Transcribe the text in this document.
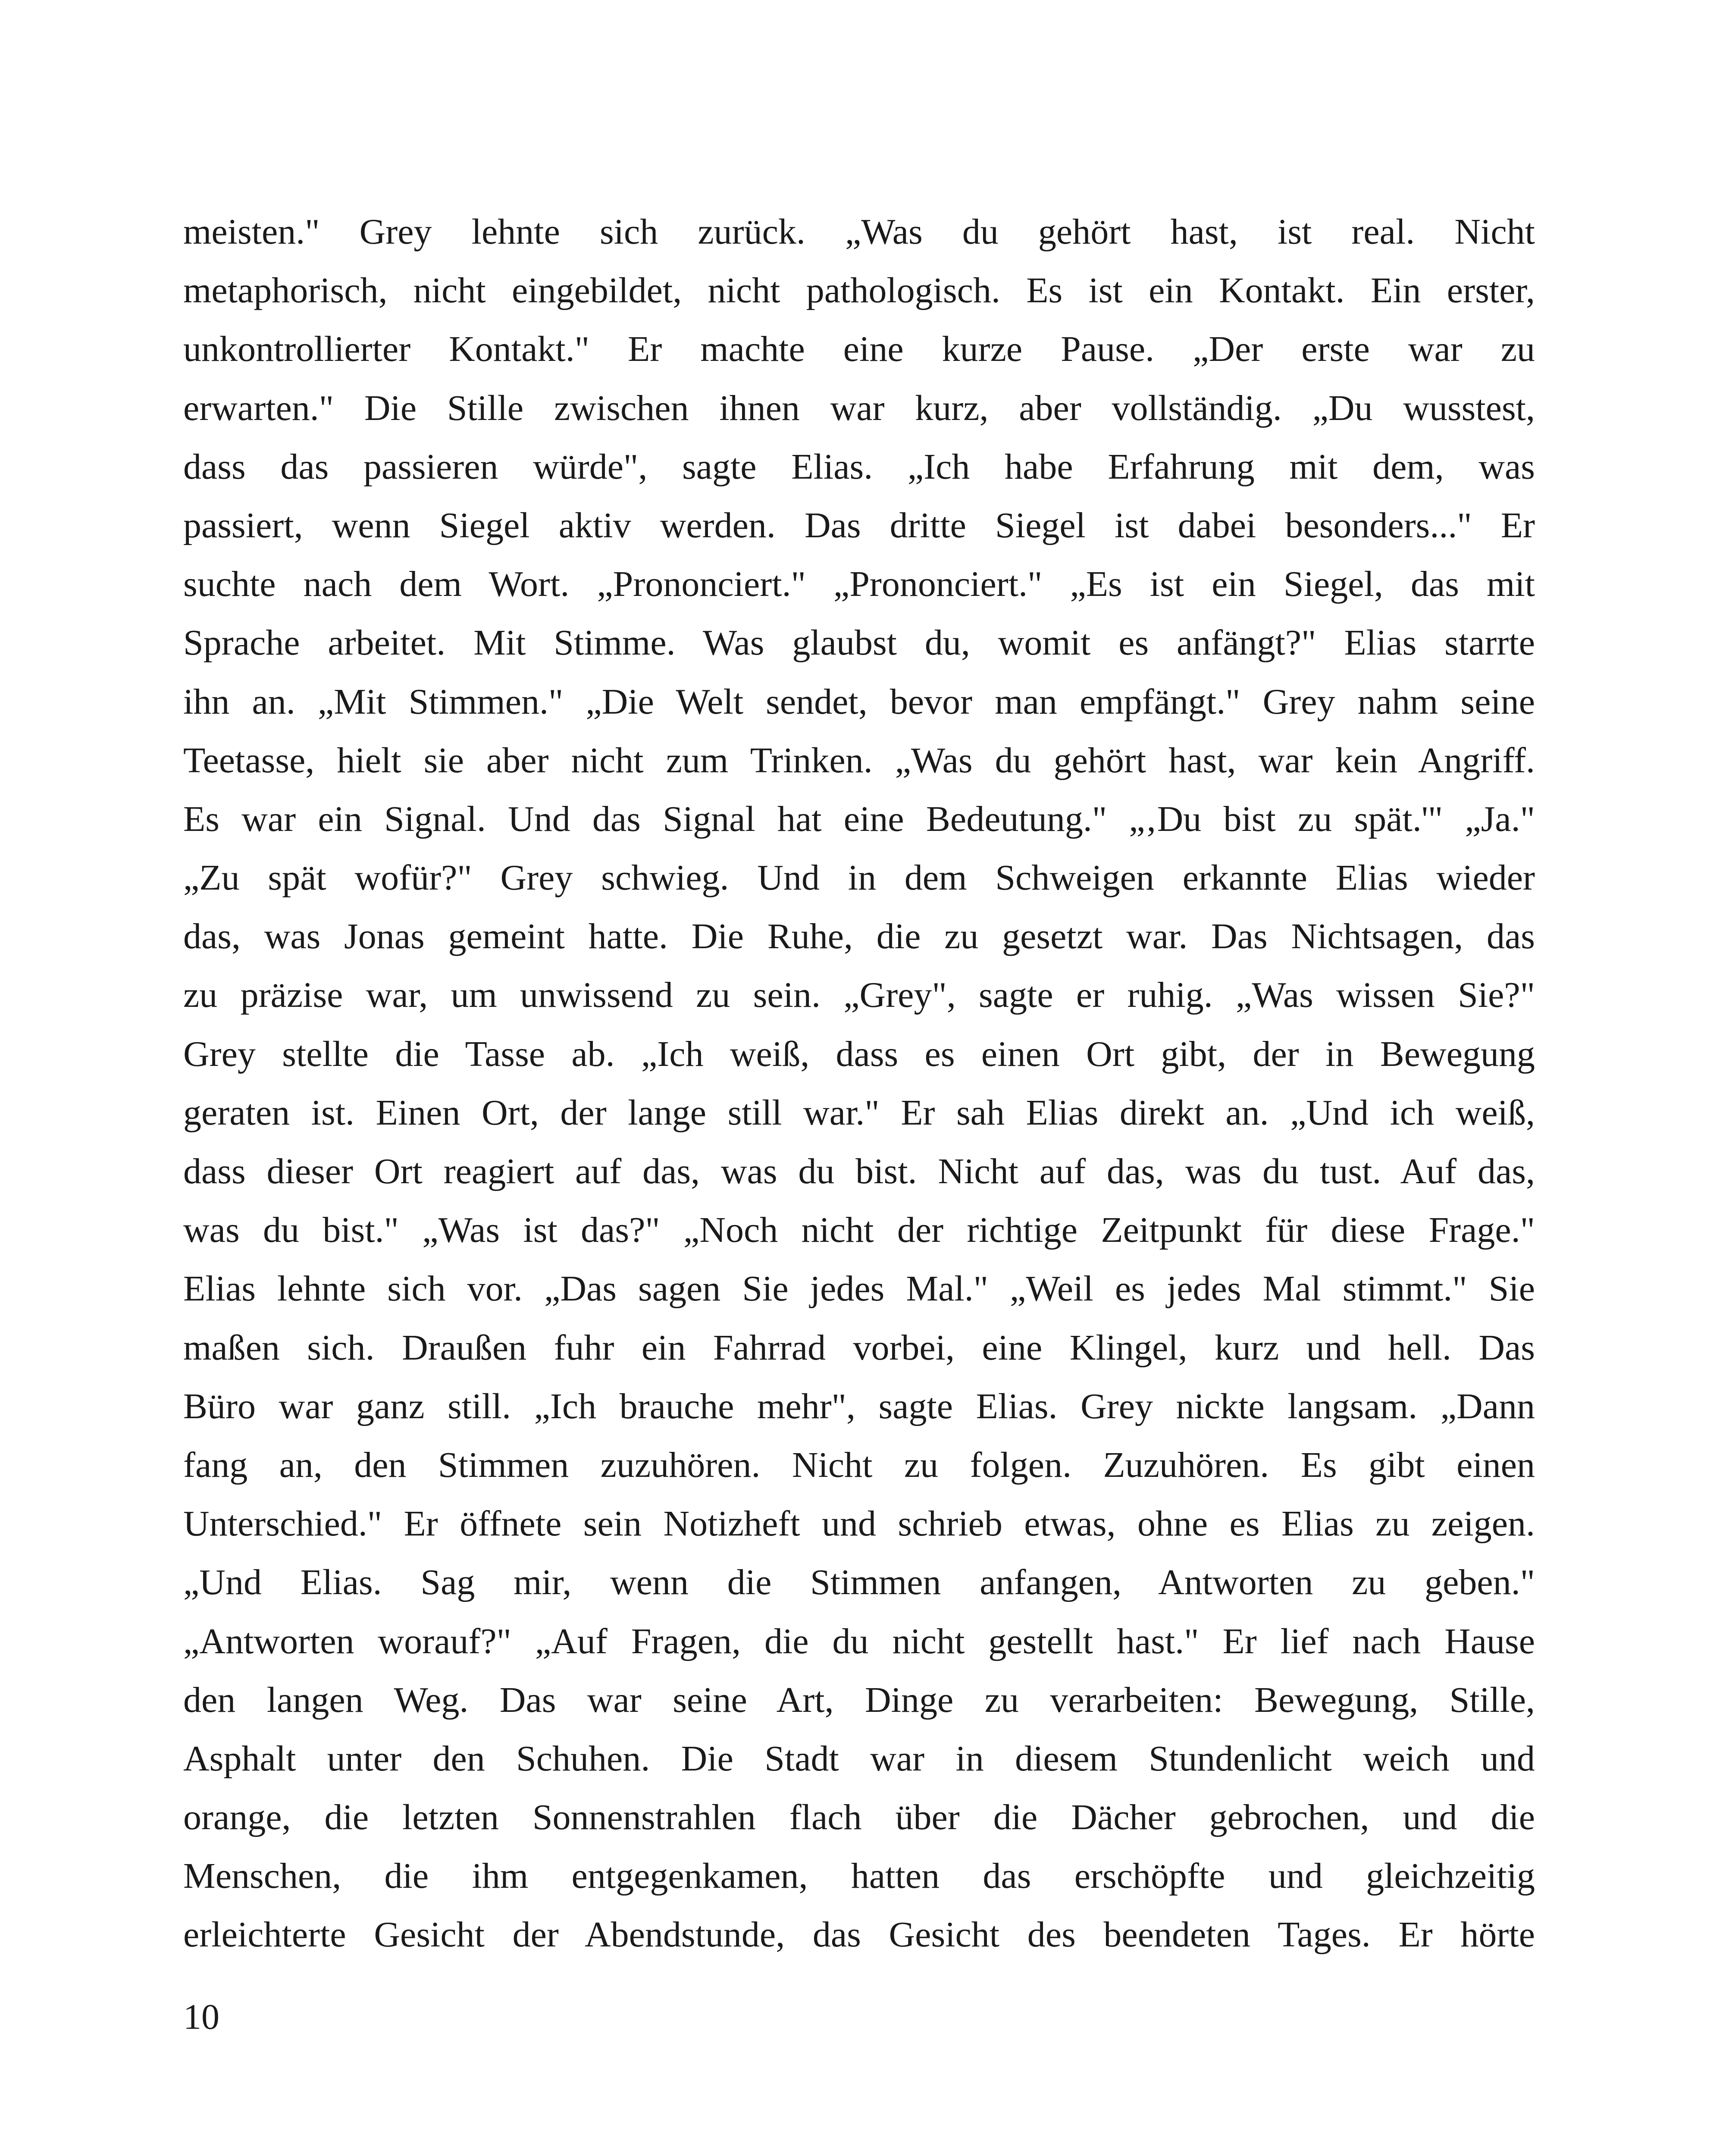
meisten." Grey lehnte sich zurück. „Was du gehört hast, ist real. Nicht
metaphorisch, nicht eingebildet, nicht pathologisch. Es ist ein Kontakt. Ein erster,
unkontrollierter Kontakt." Er machte eine kurze Pause. „Der erste war zu
erwarten." Die Stille zwischen ihnen war kurz, aber vollständig. „Du wusstest,
dass das passieren würde", sagte Elias. „Ich habe Erfahrung mit dem, was
passiert, wenn Siegel aktiv werden. Das dritte Siegel ist dabei besonders..." Er
suchte nach dem Wort. „Prononciert." „Prononciert." „Es ist ein Siegel, das mit
Sprache arbeitet. Mit Stimme. Was glaubst du, womit es anfängt?" Elias starrte
ihn an. „Mit Stimmen." „Die Welt sendet, bevor man empfängt." Grey nahm seine
Teetasse, hielt sie aber nicht zum Trinken. „Was du gehört hast, war kein Angriff.
Es war ein Signal. Und das Signal hat eine Bedeutung." „‚Du bist zu spät.'" „Ja."
„Zu spät wofür?" Grey schwieg. Und in dem Schweigen erkannte Elias wieder
das, was Jonas gemeint hatte. Die Ruhe, die zu gesetzt war. Das Nichtsagen, das
zu präzise war, um unwissend zu sein. „Grey", sagte er ruhig. „Was wissen Sie?"
Grey stellte die Tasse ab. „Ich weiß, dass es einen Ort gibt, der in Bewegung
geraten ist. Einen Ort, der lange still war." Er sah Elias direkt an. „Und ich weiß,
dass dieser Ort reagiert auf das, was du bist. Nicht auf das, was du tust. Auf das,
was du bist." „Was ist das?" „Noch nicht der richtige Zeitpunkt für diese Frage."
Elias lehnte sich vor. „Das sagen Sie jedes Mal." „Weil es jedes Mal stimmt." Sie
maßen sich. Draußen fuhr ein Fahrrad vorbei, eine Klingel, kurz und hell. Das
Büro war ganz still. „Ich brauche mehr", sagte Elias. Grey nickte langsam. „Dann
fang an, den Stimmen zuzuhören. Nicht zu folgen. Zuzuhören. Es gibt einen
Unterschied." Er öffnete sein Notizheft und schrieb etwas, ohne es Elias zu zeigen.
„Und Elias. Sag mir, wenn die Stimmen anfangen, Antworten zu geben."
„Antworten worauf?" „Auf Fragen, die du nicht gestellt hast." Er lief nach Hause
den langen Weg. Das war seine Art, Dinge zu verarbeiten: Bewegung, Stille,
Asphalt unter den Schuhen. Die Stadt war in diesem Stundenlicht weich und
orange, die letzten Sonnenstrahlen flach über die Dächer gebrochen, und die
Menschen, die ihm entgegenkamen, hatten das erschöpfte und gleichzeitig
erleichterte Gesicht der Abendstunde, das Gesicht des beendeten Tages. Er hörte
10
